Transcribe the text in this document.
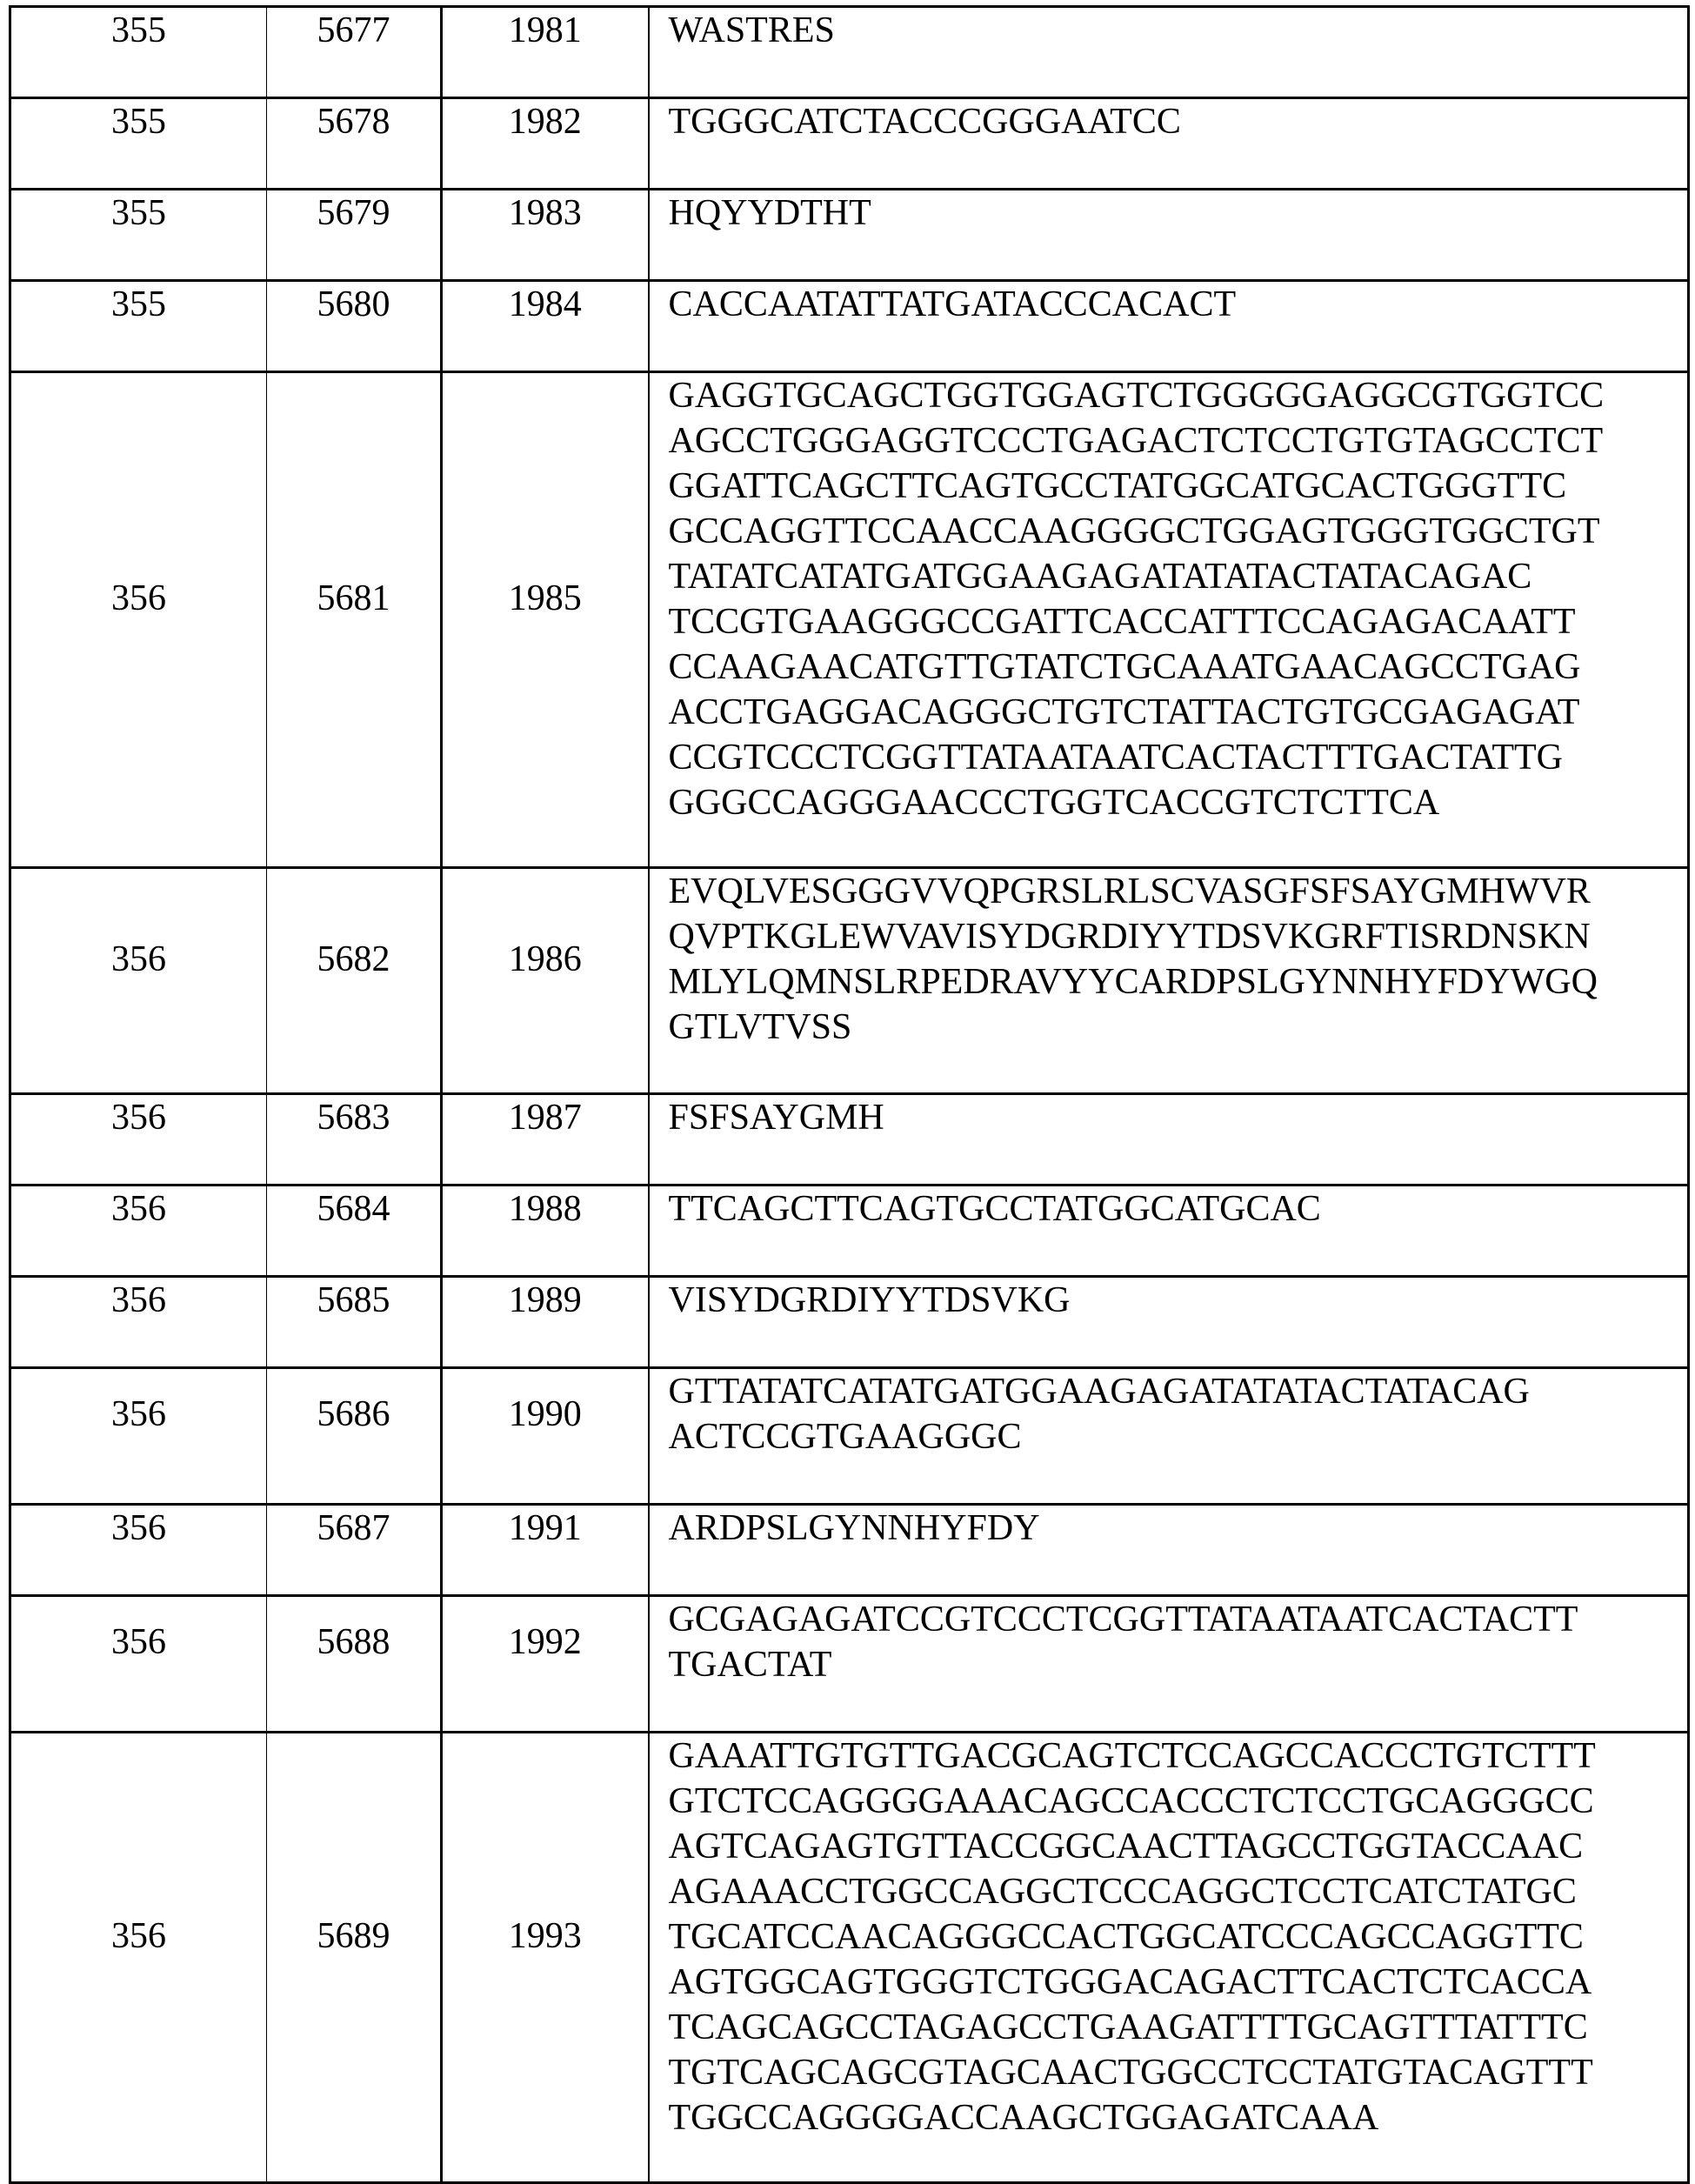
355	5677	1981	WASTRES
355	5678	1982	TGGGCATCTACCCGGGAATCC
355	5679	1983	HQYYDTHT
355	5680	1984	CACCAATATTATGATACCCACACT
356	5681	1985	GAGGTGCAGCTGGTGGAGTCTGGGGGAGGCGTGGTCC
AGCCTGGGAGGTCCCTGAGACTCTCCTGTGTAGCCTCT
GGATTCAGCTTCAGTGCCTATGGCATGCACTGGGTTC
GCCAGGTTCCAACCAAGGGGCTGGAGTGGGTGGCTGT
TATATCATATGATGGAAGAGATATATACTATACAGAC
TCCGTGAAGGGCCGATTCACCATTTCCAGAGACAATT
CCAAGAACATGTTGTATCTGCAAATGAACAGCCTGAG
ACCTGAGGACAGGGCTGTCTATTACTGTGCGAGAGAT
CCGTCCCTCGGTTATAATAATCACTACTTTGACTATTG
GGGCCAGGGAACCCTGGTCACCGTCTCTTCA
356	5682	1986	EVQLVESGGGVVQPGRSLRLSCVASGFSFSAYGMHWVR
QVPTKGLEWVAVISYDGRDIYYTDSVKGRFTISRDNSKN
MLYLQMNSLRPEDRAVYYCARDPSLGYNNHYFDYWGQ
GTLVTVSS
356	5683	1987	FSFSAYGMH
356	5684	1988	TTCAGCTTCAGTGCCTATGGCATGCAC
356	5685	1989	VISYDGRDIYYTDSVKG
356	5686	1990	GTTATATCATATGATGGAAGAGATATATACTATACAG
ACTCCGTGAAGGGC
356	5687	1991	ARDPSLGYNNHYFDY
356	5688	1992	GCGAGAGATCCGTCCCTCGGTTATAATAATCACTACTT
TGACTAT
356	5689	1993	GAAATTGTGTTGACGCAGTCTCCAGCCACCCTGTCTTT
GTCTCCAGGGGAAACAGCCACCCTCTCCTGCAGGGCC
AGTCAGAGTGTTACCGGCAACTTAGCCTGGTACCAAC
AGAAACCTGGCCAGGCTCCCAGGCTCCTCATCTATGC
TGCATCCAACAGGGCCACTGGCATCCCAGCCAGGTTC
AGTGGCAGTGGGTCTGGGACAGACTTCACTCTCACCA
TCAGCAGCCTAGAGCCTGAAGATTTTGCAGTTTATTTC
TGTCAGCAGCGTAGCAACTGGCCTCCTATGTACAGTTT
TGGCCAGGGGACCAAGCTGGAGATCAAA
